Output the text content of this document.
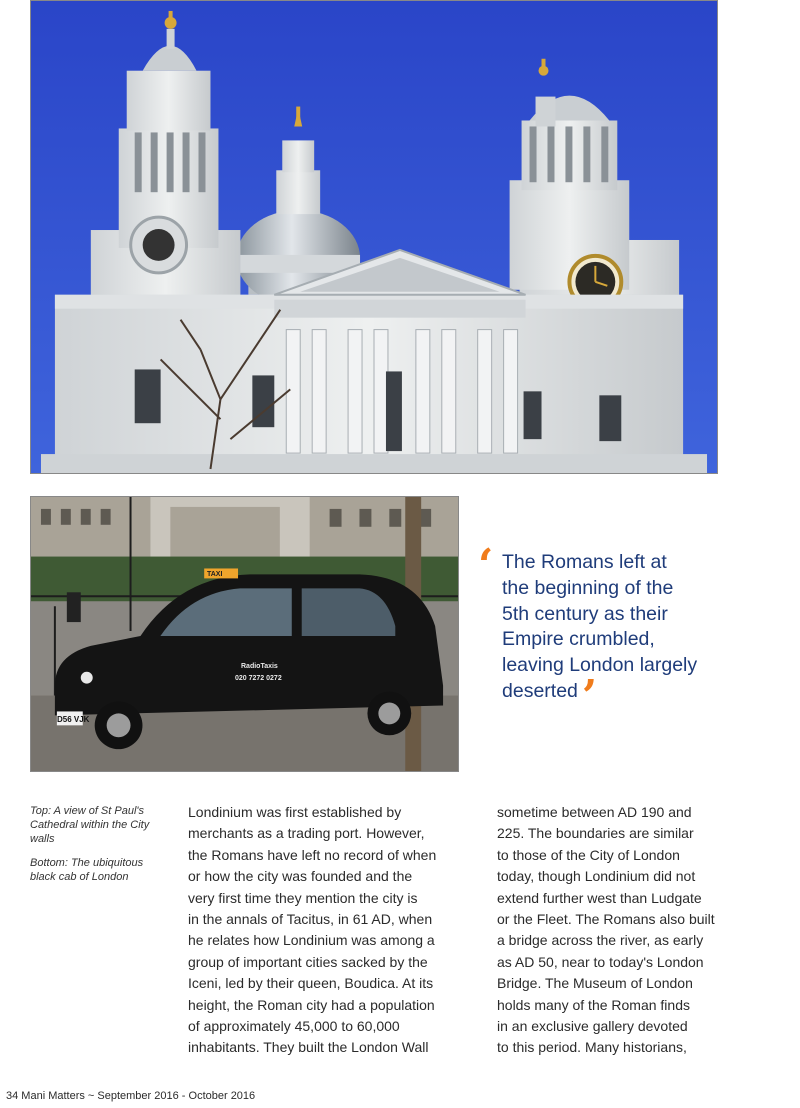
TAXI
RadioTaxis
020 7272 0272
D56 VJK
‘ The Romans left at
the beginning of the
5th century as their
Empire crumbled,
leaving London largely
deserted’

Top: A view of St Paul's Cathedral within the City walls

Bottom: The ubiquitous black cab of London

Londinium was first established by
merchants as a trading port. However,
the Romans have left no record of when
or how the city was founded and the
very first time they mention the city is
in the annals of Tacitus, in 61 AD, when
he relates how Londinium was among a
group of important cities sacked by the
Iceni, led by their queen, Boudica. At its
height, the Roman city had a population
of approximately 45,000 to 60,000
inhabitants. They built the London Wall
sometime between AD 190 and
225. The boundaries are similar
to those of the City of London
today, though Londinium did not
extend further west than Ludgate
or the Fleet. The Romans also built
a bridge across the river, as early
as AD 50, near to today's London
Bridge. The Museum of London
holds many of the Roman finds
in an exclusive gallery devoted
to this period. Many historians,
34 Mani Matters ~ September 2016 - October 2016
